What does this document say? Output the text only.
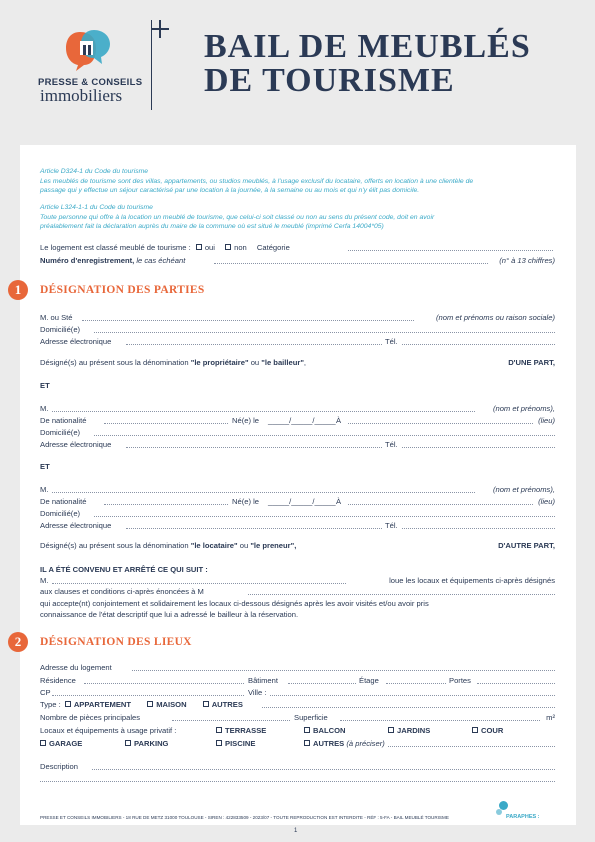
PRESSE & CONSEILS
immobiliers
BAIL DE MEUBLÉS
DE TOURISME
Article D324-1 du Code du tourisme
Les meublés de tourisme sont des villas, appartements, ou studios meublés, à l'usage exclusif du locataire, offerts en location à une clientèle de
passage qui y effectue un séjour caractérisé par une location à la journée, à la semaine ou au mois et qui n'y élit pas domicile.
Article L324-1-1 du Code du tourisme
Toute personne qui offre à la location un meublé de tourisme, que celui-ci soit classé ou non au sens du présent code, doit en avoir
préalablement fait la déclaration auprès du maire de la commune où est situé le meublé (imprimé Cerfa 14004*05)
Le logement est classé meublé de tourisme : oui	non Catégorie
Numéro d'enregistrement, le cas échéant	(n° à 13 chiffres)
1	DÉSIGNATION DES PARTIES
M. ou Sté	(nom et prénoms ou raison sociale)
Domicilié(e)
Adresse électronique	Tél.
Désigné(s) au présent sous la dénomination "le propriétaire" ou "le bailleur",	D'UNE PART,
ET
M.	(nom et prénoms),
De nationalité	Né(e) le _____/_____/_____ À	(lieu)
Domicilié(e)
Adresse électronique	Tél.
ET
M.	(nom et prénoms),
De nationalité	Né(e) le _____/_____/_____ À	(lieu)
Domicilié(e)
Adresse électronique	Tél.
Désigné(s) au présent sous la dénomination "le locataire" ou "le preneur",	D'AUTRE PART,
IL A ÉTÉ CONVENU ET ARRÊTÉ CE QUI SUIT :
M.	loue les locaux et équipements ci-après désignés
aux clauses et conditions ci-après énoncées à M
qui accepte(nt) conjointement et solidairement les locaux ci-dessous désignés après les avoir visités et/ou avoir pris
connaissance de l'état descriptif que lui a adressé le bailleur à la réservation.
2	DÉSIGNATION DES LIEUX
Adresse du logement
Résidence	Bâtiment	Étage	Portes
CP	Ville :
Type : APPARTEMENT	MAISON	AUTRES
Nombre de pièces principales	Superficie	m²
Locaux et équipements à usage privatif :	TERRASSE	BALCON	JARDINS	COUR
GARAGE	PARKING	PISCINE	AUTRES (à préciser)
Description
PRESSE ET CONSEILS IMMOBILIERS - 18 RUE DE METZ 31000 TOULOUSE - SIREN : 422833509 - 2023/07 - TOUTE REPRODUCTION EST INTERDITE - RÉF : 5-FA - BAIL MEUBLÉ TOURISME	PARAPHES :
1
